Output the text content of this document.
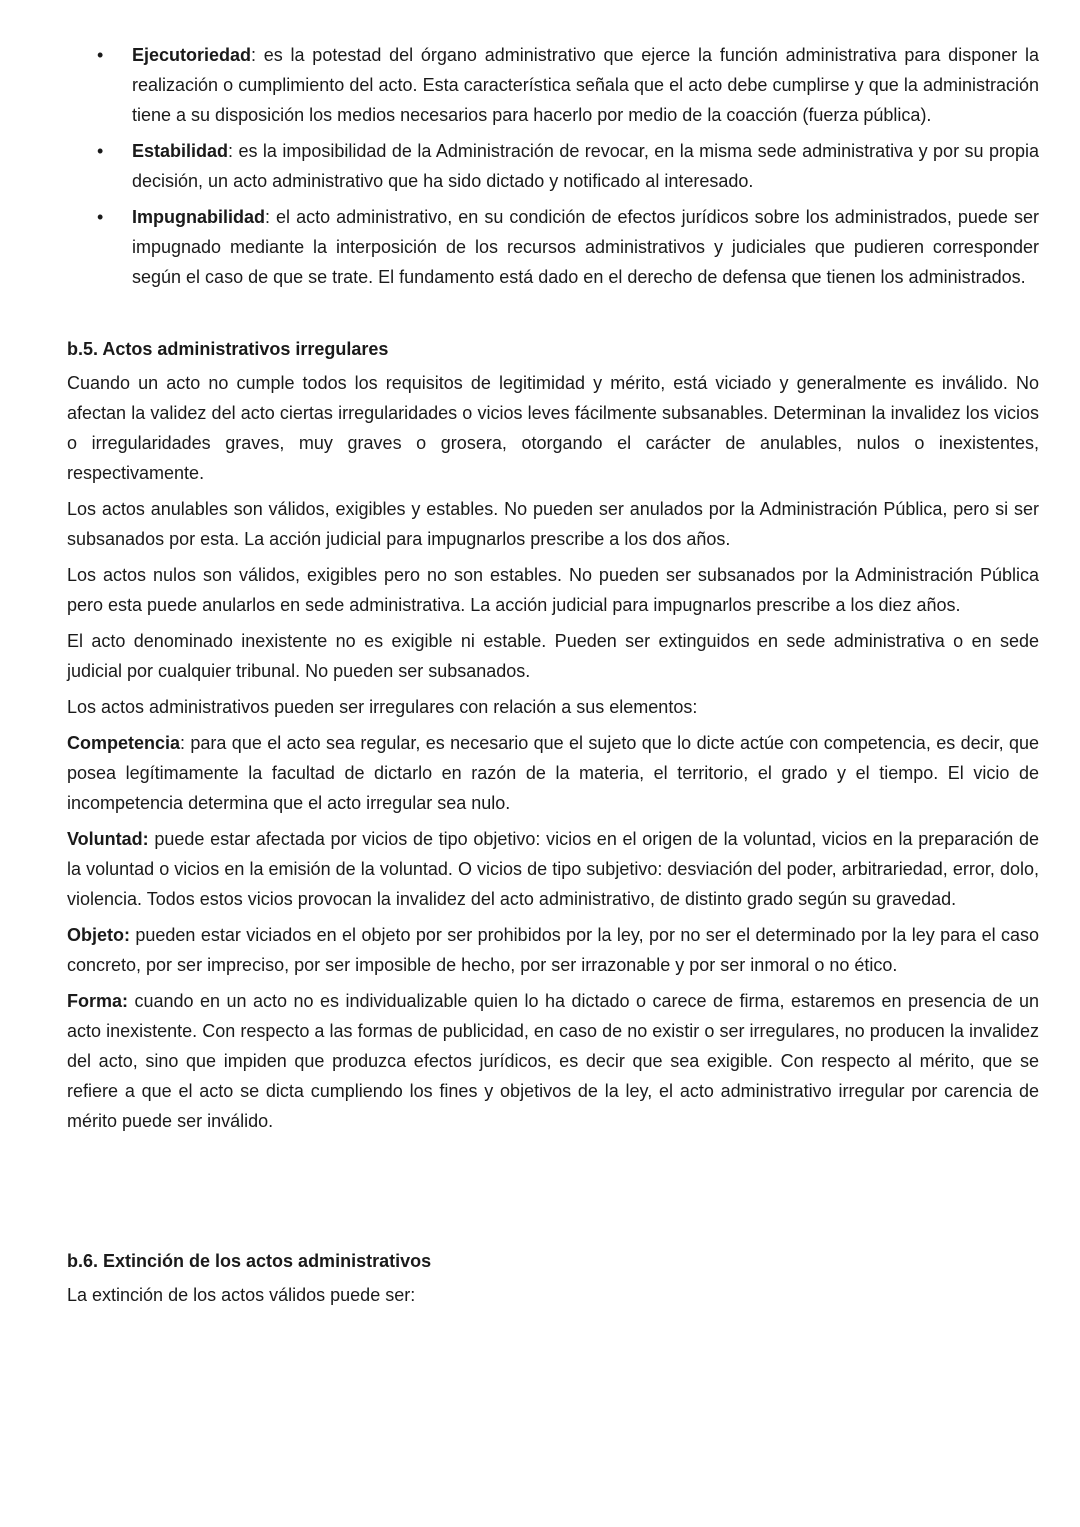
• Ejecutoriedad: es la potestad del órgano administrativo que ejerce la función administrativa para disponer la realización o cumplimiento del acto. Esta característica señala que el acto debe cumplirse y que la administración tiene a su disposición los medios necesarios para hacerlo por medio de la coacción (fuerza pública).
• Estabilidad: es la imposibilidad de la Administración de revocar, en la misma sede administrativa y por su propia decisión, un acto administrativo que ha sido dictado y notificado al interesado.
• Impugnabilidad: el acto administrativo, en su condición de efectos jurídicos sobre los administrados, puede ser impugnado mediante la interposición de los recursos administrativos y judiciales que pudieren corresponder según el caso de que se trate. El fundamento está dado en el derecho de defensa que tienen los administrados.
b.5. Actos administrativos irregulares

Cuando un acto no cumple todos los requisitos de legitimidad y mérito, está viciado y generalmente es inválido. No afectan la validez del acto ciertas irregularidades o vicios leves fácilmente subsanables. Determinan la invalidez los vicios o irregularidades graves, muy graves o grosera, otorgando el carácter de anulables, nulos o inexistentes, respectivamente.

Los actos anulables son válidos, exigibles y estables. No pueden ser anulados por la Administración Pública, pero si ser subsanados por esta. La acción judicial para impugnarlos prescribe a los dos años.

Los actos nulos son válidos, exigibles pero no son estables. No pueden ser subsanados por la Administración Pública pero esta puede anularlos en sede administrativa. La acción judicial para impugnarlos prescribe a los diez años.

El acto denominado inexistente no es exigible ni estable. Pueden ser extinguidos en sede administrativa o en sede judicial por cualquier tribunal. No pueden ser subsanados.

Los actos administrativos pueden ser irregulares con relación a sus elementos:

Competencia: para que el acto sea regular, es necesario que el sujeto que lo dicte actúe con competencia, es decir, que posea legítimamente la facultad de dictarlo en razón de la materia, el territorio, el grado y el tiempo. El vicio de incompetencia determina que el acto irregular sea nulo.

Voluntad: puede estar afectada por vicios de tipo objetivo: vicios en el origen de la voluntad, vicios en la preparación de la voluntad o vicios en la emisión de la voluntad. O vicios de tipo subjetivo: desviación del poder, arbitrariedad, error, dolo, violencia. Todos estos vicios provocan la invalidez del acto administrativo, de distinto grado según su gravedad.

Objeto: pueden estar viciados en el objeto por ser prohibidos por la ley, por no ser el determinado por la ley para el caso concreto, por ser impreciso, por ser imposible de hecho, por ser irrazonable y por ser inmoral o no ético.

Forma: cuando en un acto no es individualizable quien lo ha dictado o carece de firma, estaremos en presencia de un acto inexistente. Con respecto a las formas de publicidad, en caso de no existir o ser irregulares, no producen la invalidez del acto, sino que impiden que produzca efectos jurídicos, es decir que sea exigible. Con respecto al mérito, que se refiere a que el acto se dicta cumpliendo los fines y objetivos de la ley, el acto administrativo irregular por carencia de mérito puede ser inválido.

b.6. Extinción de los actos administrativos

La extinción de los actos válidos puede ser:
